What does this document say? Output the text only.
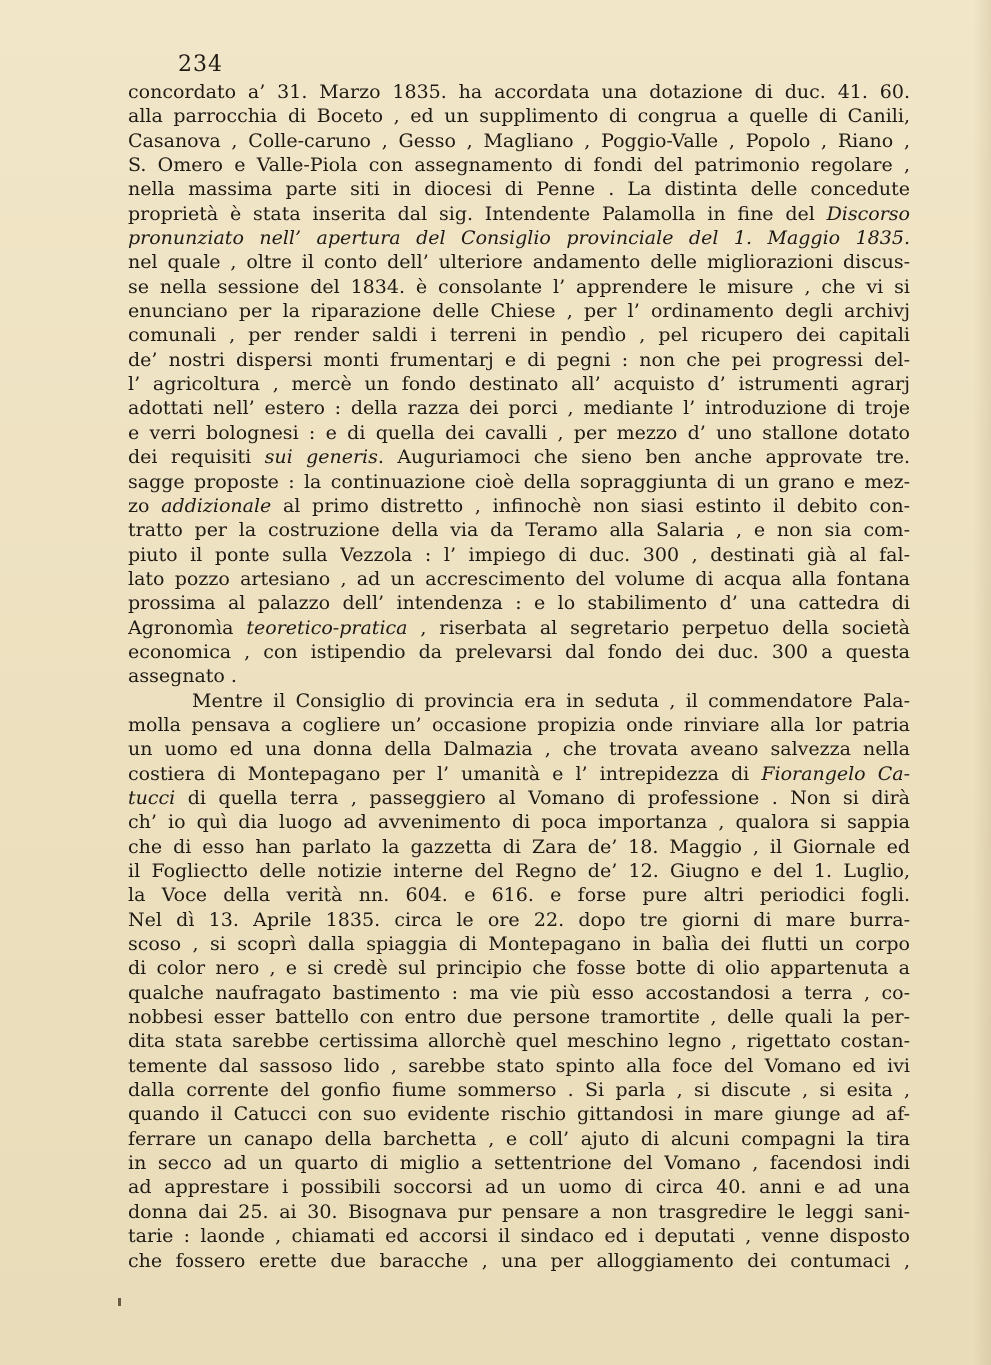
234
concordato a’ 31. Marzo 1835. ha accordata una dotazione di duc. 41. 60.
alla parrocchia di Boceto , ed un supplimento di congrua a quelle di Canili,
Casanova , Colle-caruno , Gesso , Magliano , Poggio-Valle , Popolo , Riano ,
S. Omero e Valle-Piola con assegnamento di fondi del patrimonio regolare ,
nella massima parte siti in diocesi di Penne . La distinta delle concedute
proprietà è stata inserita dal sig. Intendente Palamolla in fine del Discorso
pronunziato nell’ apertura del Consiglio provinciale del 1. Maggio 1835.
nel quale , oltre il conto dell’ ulteriore andamento delle migliorazioni discus-
se nella sessione del 1834. è consolante l’ apprendere le misure , che vi si
enunciano per la riparazione delle Chiese , per l’ ordinamento degli archivj
comunali , per render saldi i terreni in pendìo , pel ricupero dei capitali
de’ nostri dispersi monti frumentarj e di pegni : non che pei progressi del-
l’ agricoltura , mercè un fondo destinato all’ acquisto d’ istrumenti agrarj
adottati nell’ estero : della razza dei porci , mediante l’ introduzione di troje
e verri bolognesi : e di quella dei cavalli , per mezzo d’ uno stallone dotato
dei requisiti sui generis. Auguriamoci che sieno ben anche approvate tre.
sagge proposte : la continuazione cioè della sopraggiunta di un grano e mez-
zo addizionale al primo distretto , infinochè non siasi estinto il debito con-
tratto per la costruzione della via da Teramo alla Salaria , e non sia com-
piuto il ponte sulla Vezzola : l’ impiego di duc. 300 , destinati già al fal-
lato pozzo artesiano , ad un accrescimento del volume di acqua alla fontana
prossima al palazzo dell’ intendenza : e lo stabilimento d’ una cattedra di
Agronomìa teoretico-pratica , riserbata al segretario perpetuo della società
economica , con istipendio da prelevarsi dal fondo dei duc. 300 a questa
assegnato .
Mentre il Consiglio di provincia era in seduta , il commendatore Pala-
molla pensava a cogliere un’ occasione propizia onde rinviare alla lor patria
un uomo ed una donna della Dalmazia , che trovata aveano salvezza nella
costiera di Montepagano per l’ umanità e l’ intrepidezza di Fiorangelo Ca-
tucci di quella terra , passeggiero al Vomano di professione . Non si dirà
ch’ io quì dia luogo ad avvenimento di poca importanza , qualora si sappia
che di esso han parlato la gazzetta di Zara de’ 18. Maggio , il Giornale ed
il Fogliectto delle notizie interne del Regno de’ 12. Giugno e del 1. Luglio,
la Voce della verità nn. 604. e 616. e forse pure altri periodici fogli.
Nel dì 13. Aprile 1835. circa le ore 22. dopo tre giorni di mare burra-
scoso , si scoprì dalla spiaggia di Montepagano in balìa dei flutti un corpo
di color nero , e si credè sul principio che fosse botte di olio appartenuta a
qualche naufragato bastimento : ma vie più esso accostandosi a terra , co-
nobbesi esser battello con entro due persone tramortite , delle quali la per-
dita stata sarebbe certissima allorchè quel meschino legno , rigettato costan-
temente dal sassoso lido , sarebbe stato spinto alla foce del Vomano ed ivi
dalla corrente del gonfio fiume sommerso . Si parla , si discute , si esita ,
quando il Catucci con suo evidente rischio gittandosi in mare giunge ad af-
ferrare un canapo della barchetta , e coll’ ajuto di alcuni compagni la tira
in secco ad un quarto di miglio a settentrione del Vomano , facendosi indi
ad apprestare i possibili soccorsi ad un uomo di circa 40. anni e ad una
donna dai 25. ai 30. Bisognava pur pensare a non trasgredire le leggi sani-
tarie : laonde , chiamati ed accorsi il sindaco ed i deputati , venne disposto
che fossero erette due baracche , una per alloggiamento dei contumaci ,
